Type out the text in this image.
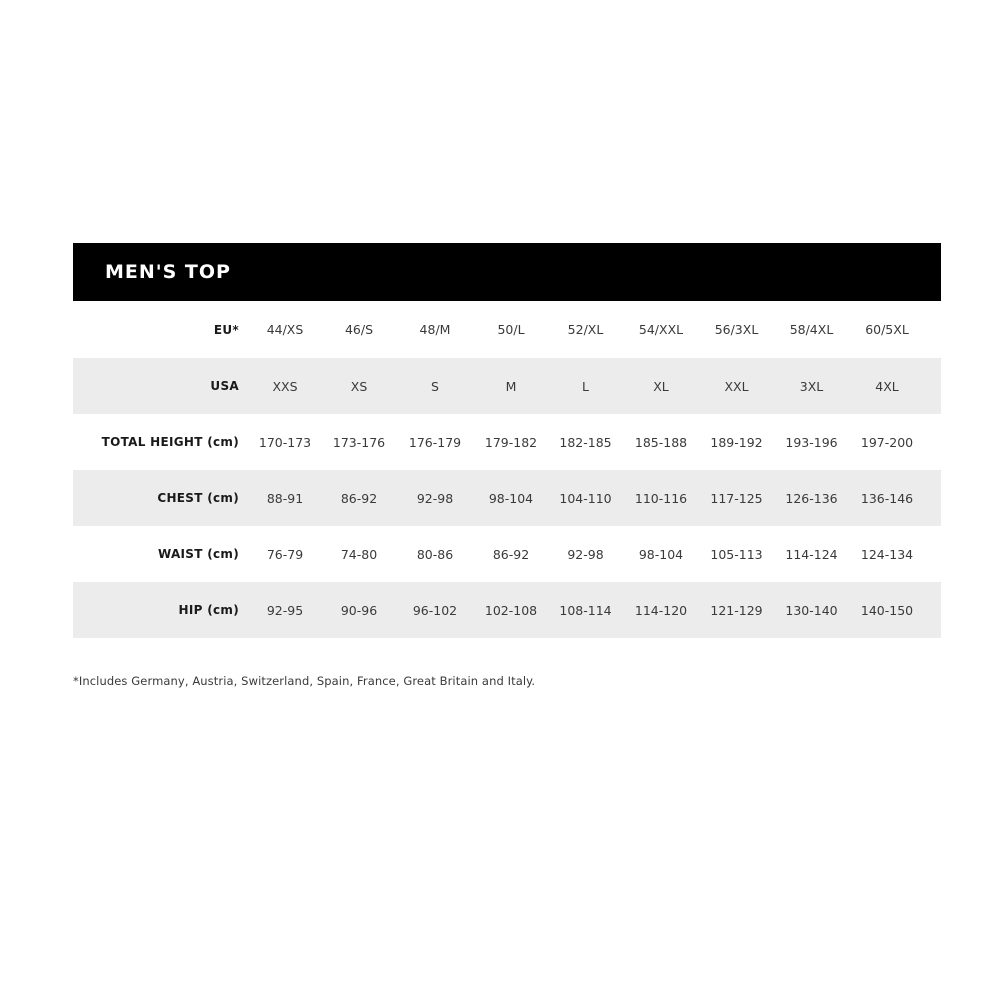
MEN'S TOP
EU*	44/XS	46/S	48/M	50/L	52/XL	54/XXL	56/3XL	58/4XL	60/5XL
USA	XXS	XS	S	M	L	XL	XXL	3XL	4XL
TOTAL HEIGHT (cm)	170-173	173-176	176-179	179-182	182-185	185-188	189-192	193-196	197-200
CHEST (cm)	88-91	86-92	92-98	98-104	104-110	110-116	117-125	126-136	136-146
WAIST (cm)	76-79	74-80	80-86	86-92	92-98	98-104	105-113	114-124	124-134
HIP (cm)	92-95	90-96	96-102	102-108	108-114	114-120	121-129	130-140	140-150
*Includes Germany, Austria, Switzerland, Spain, France, Great Britain and Italy.
